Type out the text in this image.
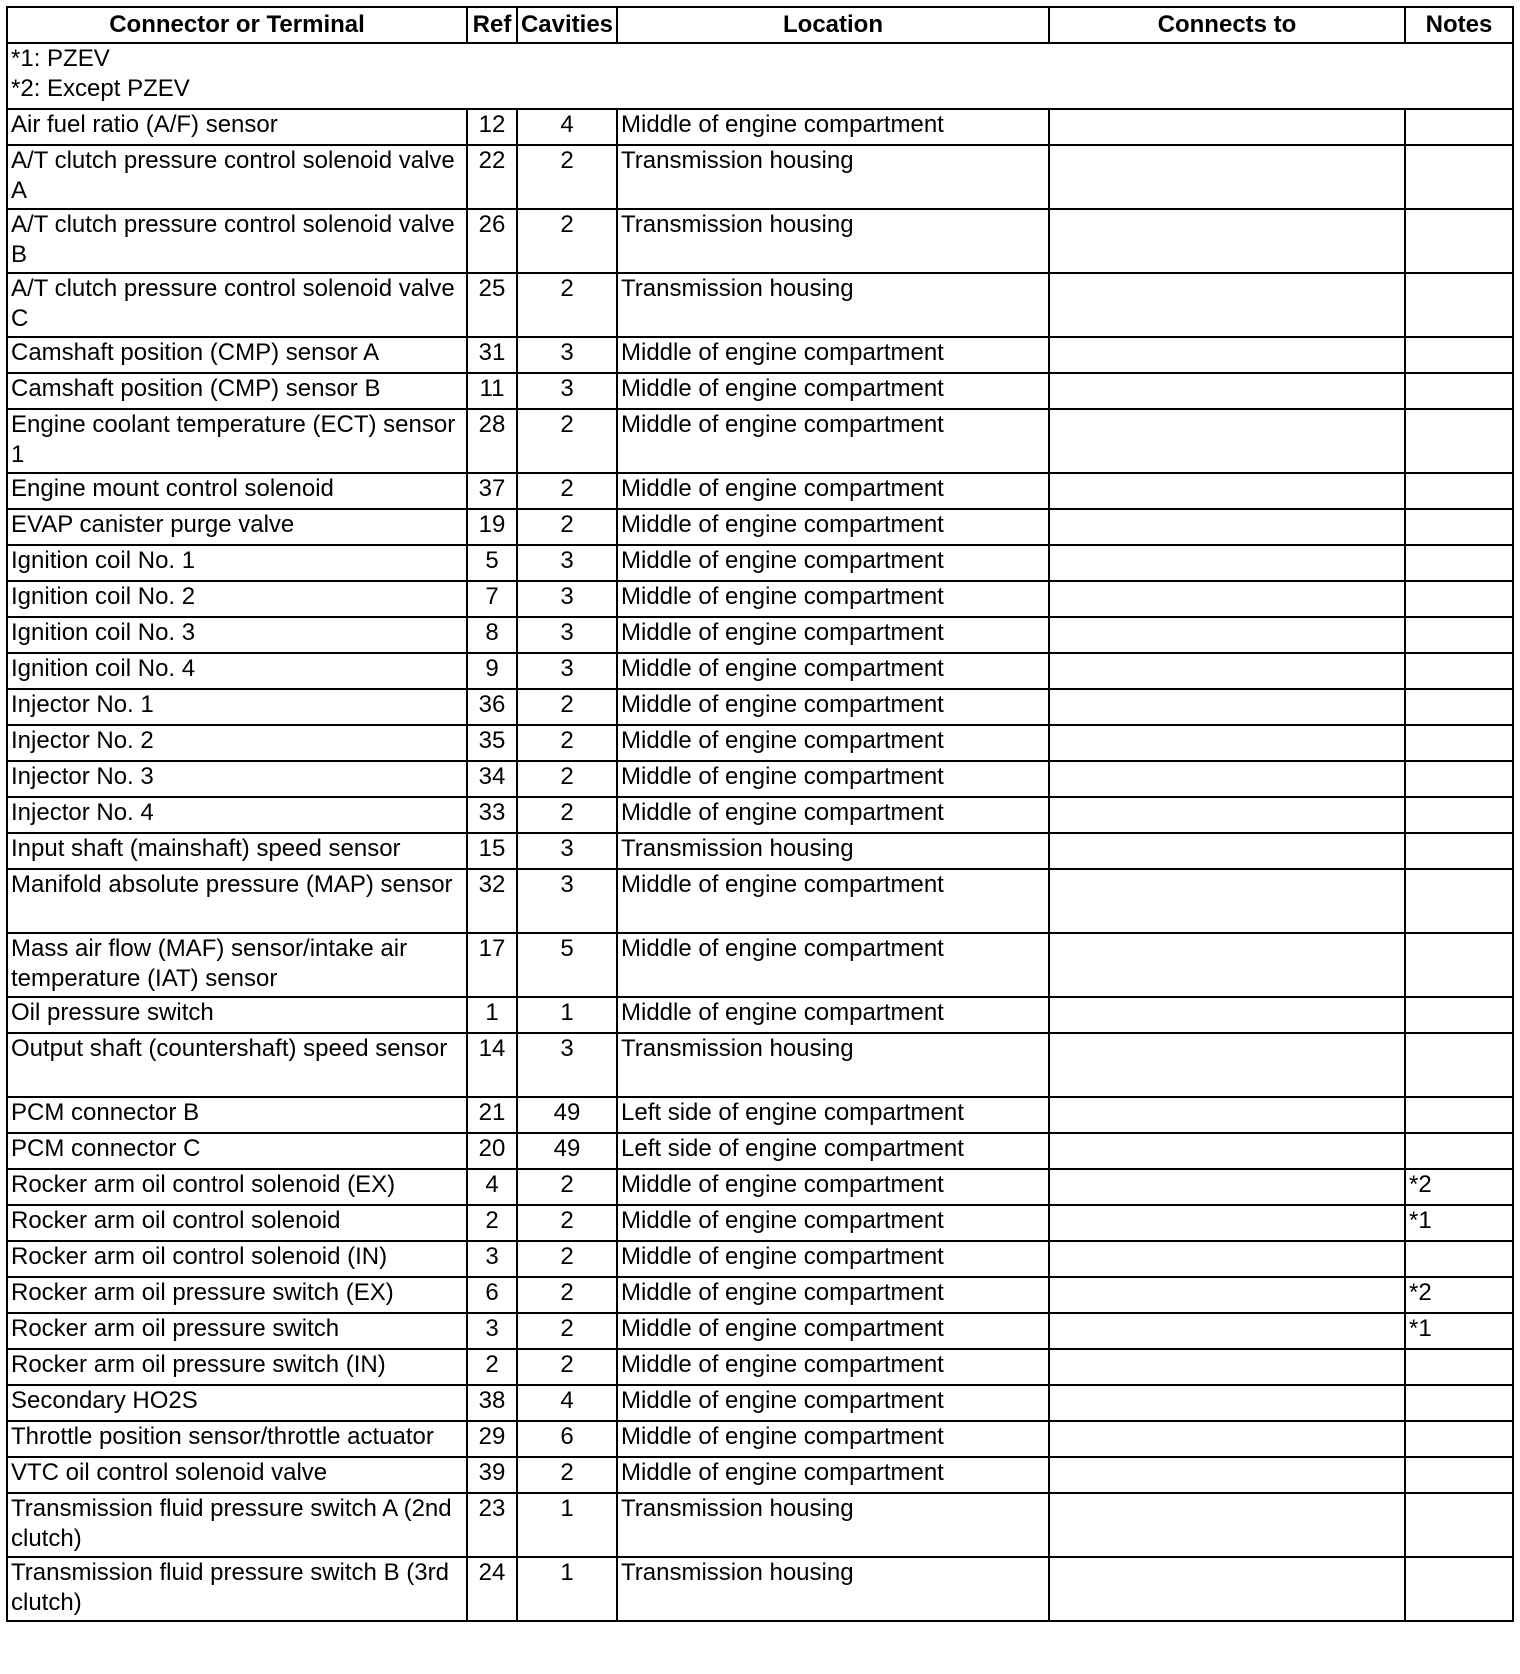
Connector or Terminal	Ref	Cavities	Location	Connects to	Notes

*1: PZEV
*2: Except PZEV					

Air fuel ratio (A/F) sensor	12	4	Middle of engine compartment		
A/T clutch pressure control solenoid valve A	22	2	Transmission housing		
A/T clutch pressure control solenoid valve B	26	2	Transmission housing		
A/T clutch pressure control solenoid valve C	25	2	Transmission housing		
Camshaft position (CMP) sensor A	31	3	Middle of engine compartment		
Camshaft position (CMP) sensor B	11	3	Middle of engine compartment		
Engine coolant temperature (ECT) sensor 1	28	2	Middle of engine compartment		
Engine mount control solenoid	37	2	Middle of engine compartment		
EVAP canister purge valve	19	2	Middle of engine compartment		
Ignition coil No. 1	5	3	Middle of engine compartment		
Ignition coil No. 2	7	3	Middle of engine compartment		
Ignition coil No. 3	8	3	Middle of engine compartment		
Ignition coil No. 4	9	3	Middle of engine compartment		
Injector No. 1	36	2	Middle of engine compartment		
Injector No. 2	35	2	Middle of engine compartment		
Injector No. 3	34	2	Middle of engine compartment		
Injector No. 4	33	2	Middle of engine compartment		
Input shaft (mainshaft) speed sensor	15	3	Transmission housing		
Manifold absolute pressure (MAP) sensor	32	3	Middle of engine compartment		
Mass air flow (MAF) sensor/intake air temperature (IAT) sensor	17	5	Middle of engine compartment		
Oil pressure switch	1	1	Middle of engine compartment		
Output shaft (countershaft) speed sensor	14	3	Transmission housing		
PCM connector B	21	49	Left side of engine compartment		
PCM connector C	20	49	Left side of engine compartment		
Rocker arm oil control solenoid (EX)	4	2	Middle of engine compartment		*2
Rocker arm oil control solenoid	2	2	Middle of engine compartment		*1
Rocker arm oil control solenoid (IN)	3	2	Middle of engine compartment		
Rocker arm oil pressure switch (EX)	6	2	Middle of engine compartment		*2
Rocker arm oil pressure switch	3	2	Middle of engine compartment		*1
Rocker arm oil pressure switch (IN)	2	2	Middle of engine compartment		
Secondary HO2S	38	4	Middle of engine compartment		
Throttle position sensor/throttle actuator	29	6	Middle of engine compartment		
VTC oil control solenoid valve	39	2	Middle of engine compartment		
Transmission fluid pressure switch A (2nd clutch)	23	1	Transmission housing		
Transmission fluid pressure switch B (3rd clutch)	24	1	Transmission housing		
